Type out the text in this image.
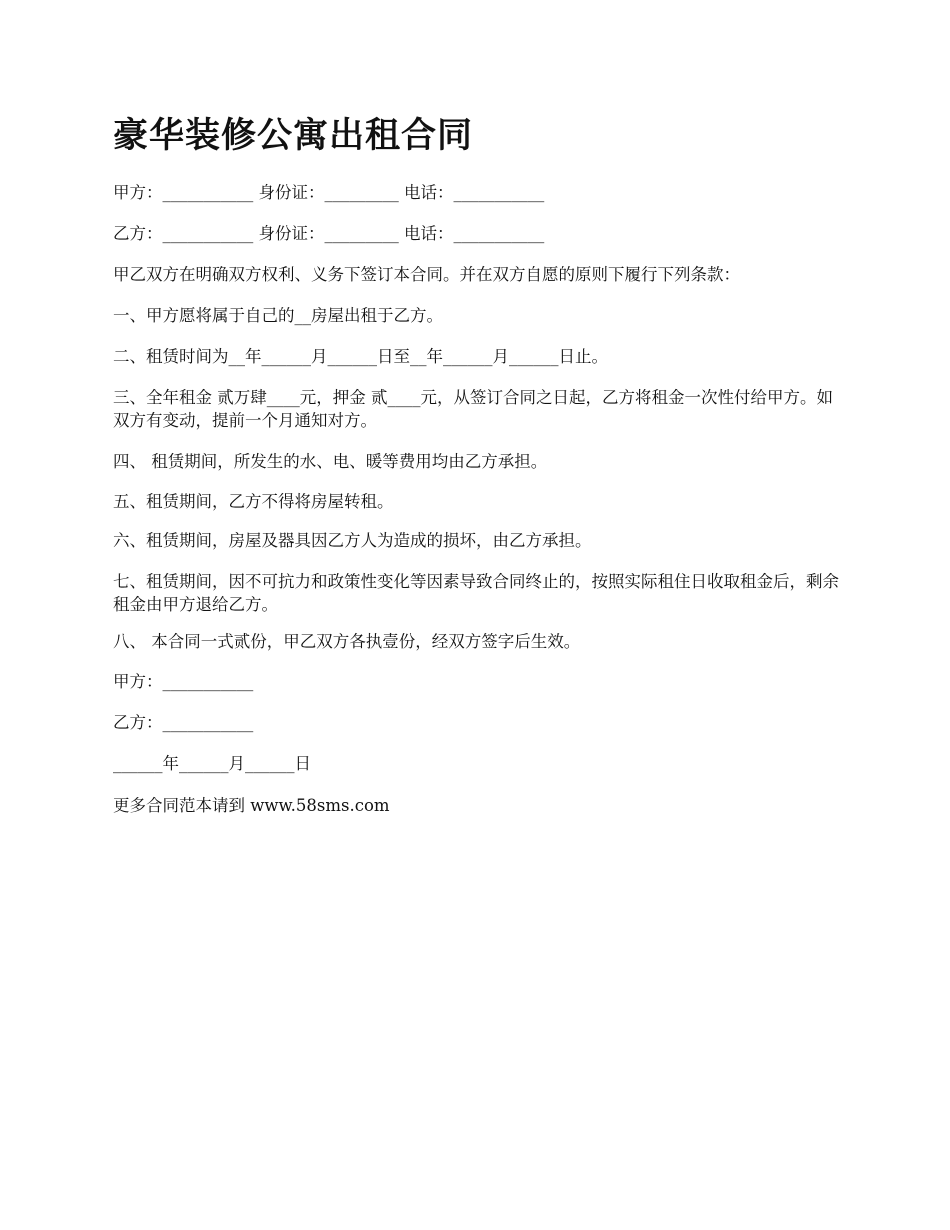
豪华装修公寓出租合同

甲方：___________ 身份证：_________ 电话：___________

乙方：___________ 身份证：_________ 电话：___________

甲乙双方在明确双方权利、义务下签订本合同。并在双方自愿的原则下履行下列条款：

一、甲方愿将属于自己的__房屋出租于乙方。

二、租赁时间为__年______月______日至__年______月______日止。

三、全年租金 贰万肆____元，押金 贰____元，从签订合同之日起，乙方将租金一次性付给甲方。如双方有变动，提前一个月通知对方。

四、 租赁期间，所发生的水、电、暖等费用均由乙方承担。

五、租赁期间，乙方不得将房屋转租。

六、租赁期间，房屋及器具因乙方人为造成的损坏，由乙方承担。

七、租赁期间，因不可抗力和政策性变化等因素导致合同终止的，按照实际租住日收取租金后，剩余租金由甲方退给乙方。

八、 本合同一式贰份，甲乙双方各执壹份，经双方签字后生效。

甲方：___________

乙方：___________

______年______月______日

更多合同范本请到 www.58sms.com
